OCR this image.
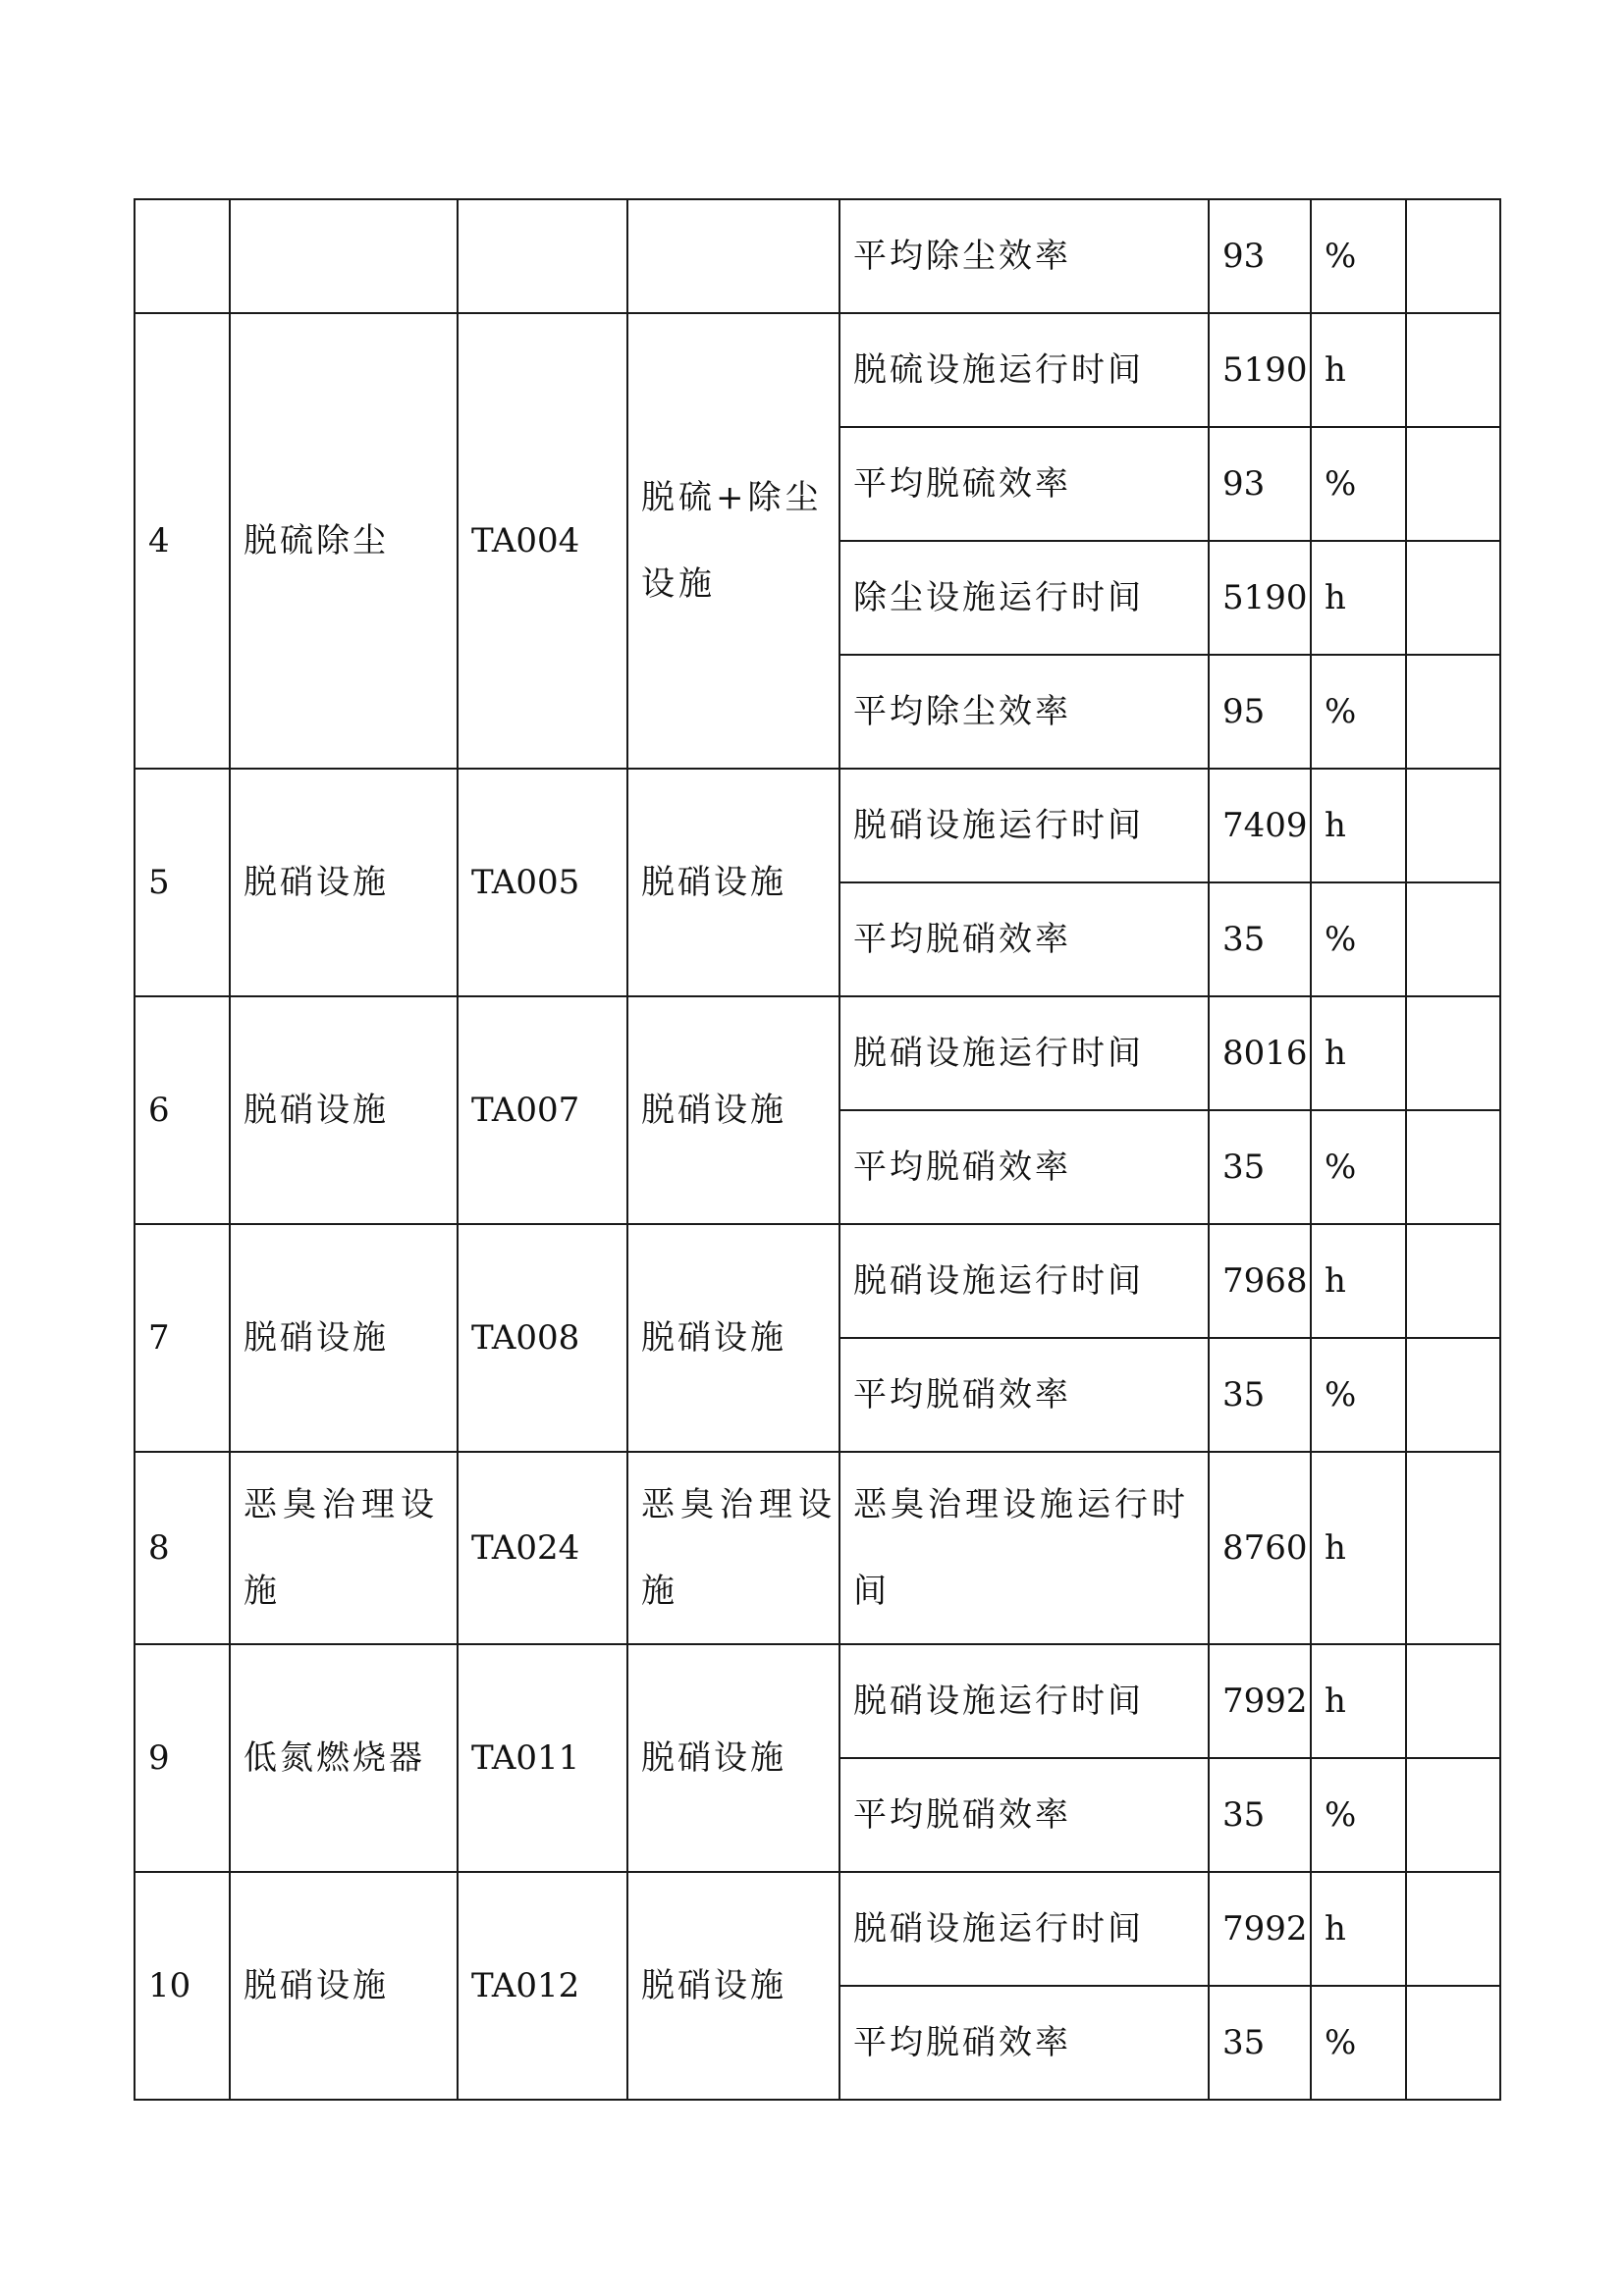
				平均除尘效率	93	%	
4	脱硫除尘	TA004	脱硫+除尘设施	脱硫设施运行时间	5190	h	
				平均脱硫效率	93	%	
				除尘设施运行时间	5190	h	
				平均除尘效率	95	%	
5	脱硝设施	TA005	脱硝设施	脱硝设施运行时间	7409	h	
				平均脱硝效率	35	%	
6	脱硝设施	TA007	脱硝设施	脱硝设施运行时间	8016	h	
				平均脱硝效率	35	%	
7	脱硝设施	TA008	脱硝设施	脱硝设施运行时间	7968	h	
				平均脱硝效率	35	%	
8	恶臭治理设施	TA024	恶臭治理设施	恶臭治理设施运行时间	8760	h	
9	低氮燃烧器	TA011	脱硝设施	脱硝设施运行时间	7992	h	
				平均脱硝效率	35	%	
10	脱硝设施	TA012	脱硝设施	脱硝设施运行时间	7992	h	
				平均脱硝效率	35	%	
